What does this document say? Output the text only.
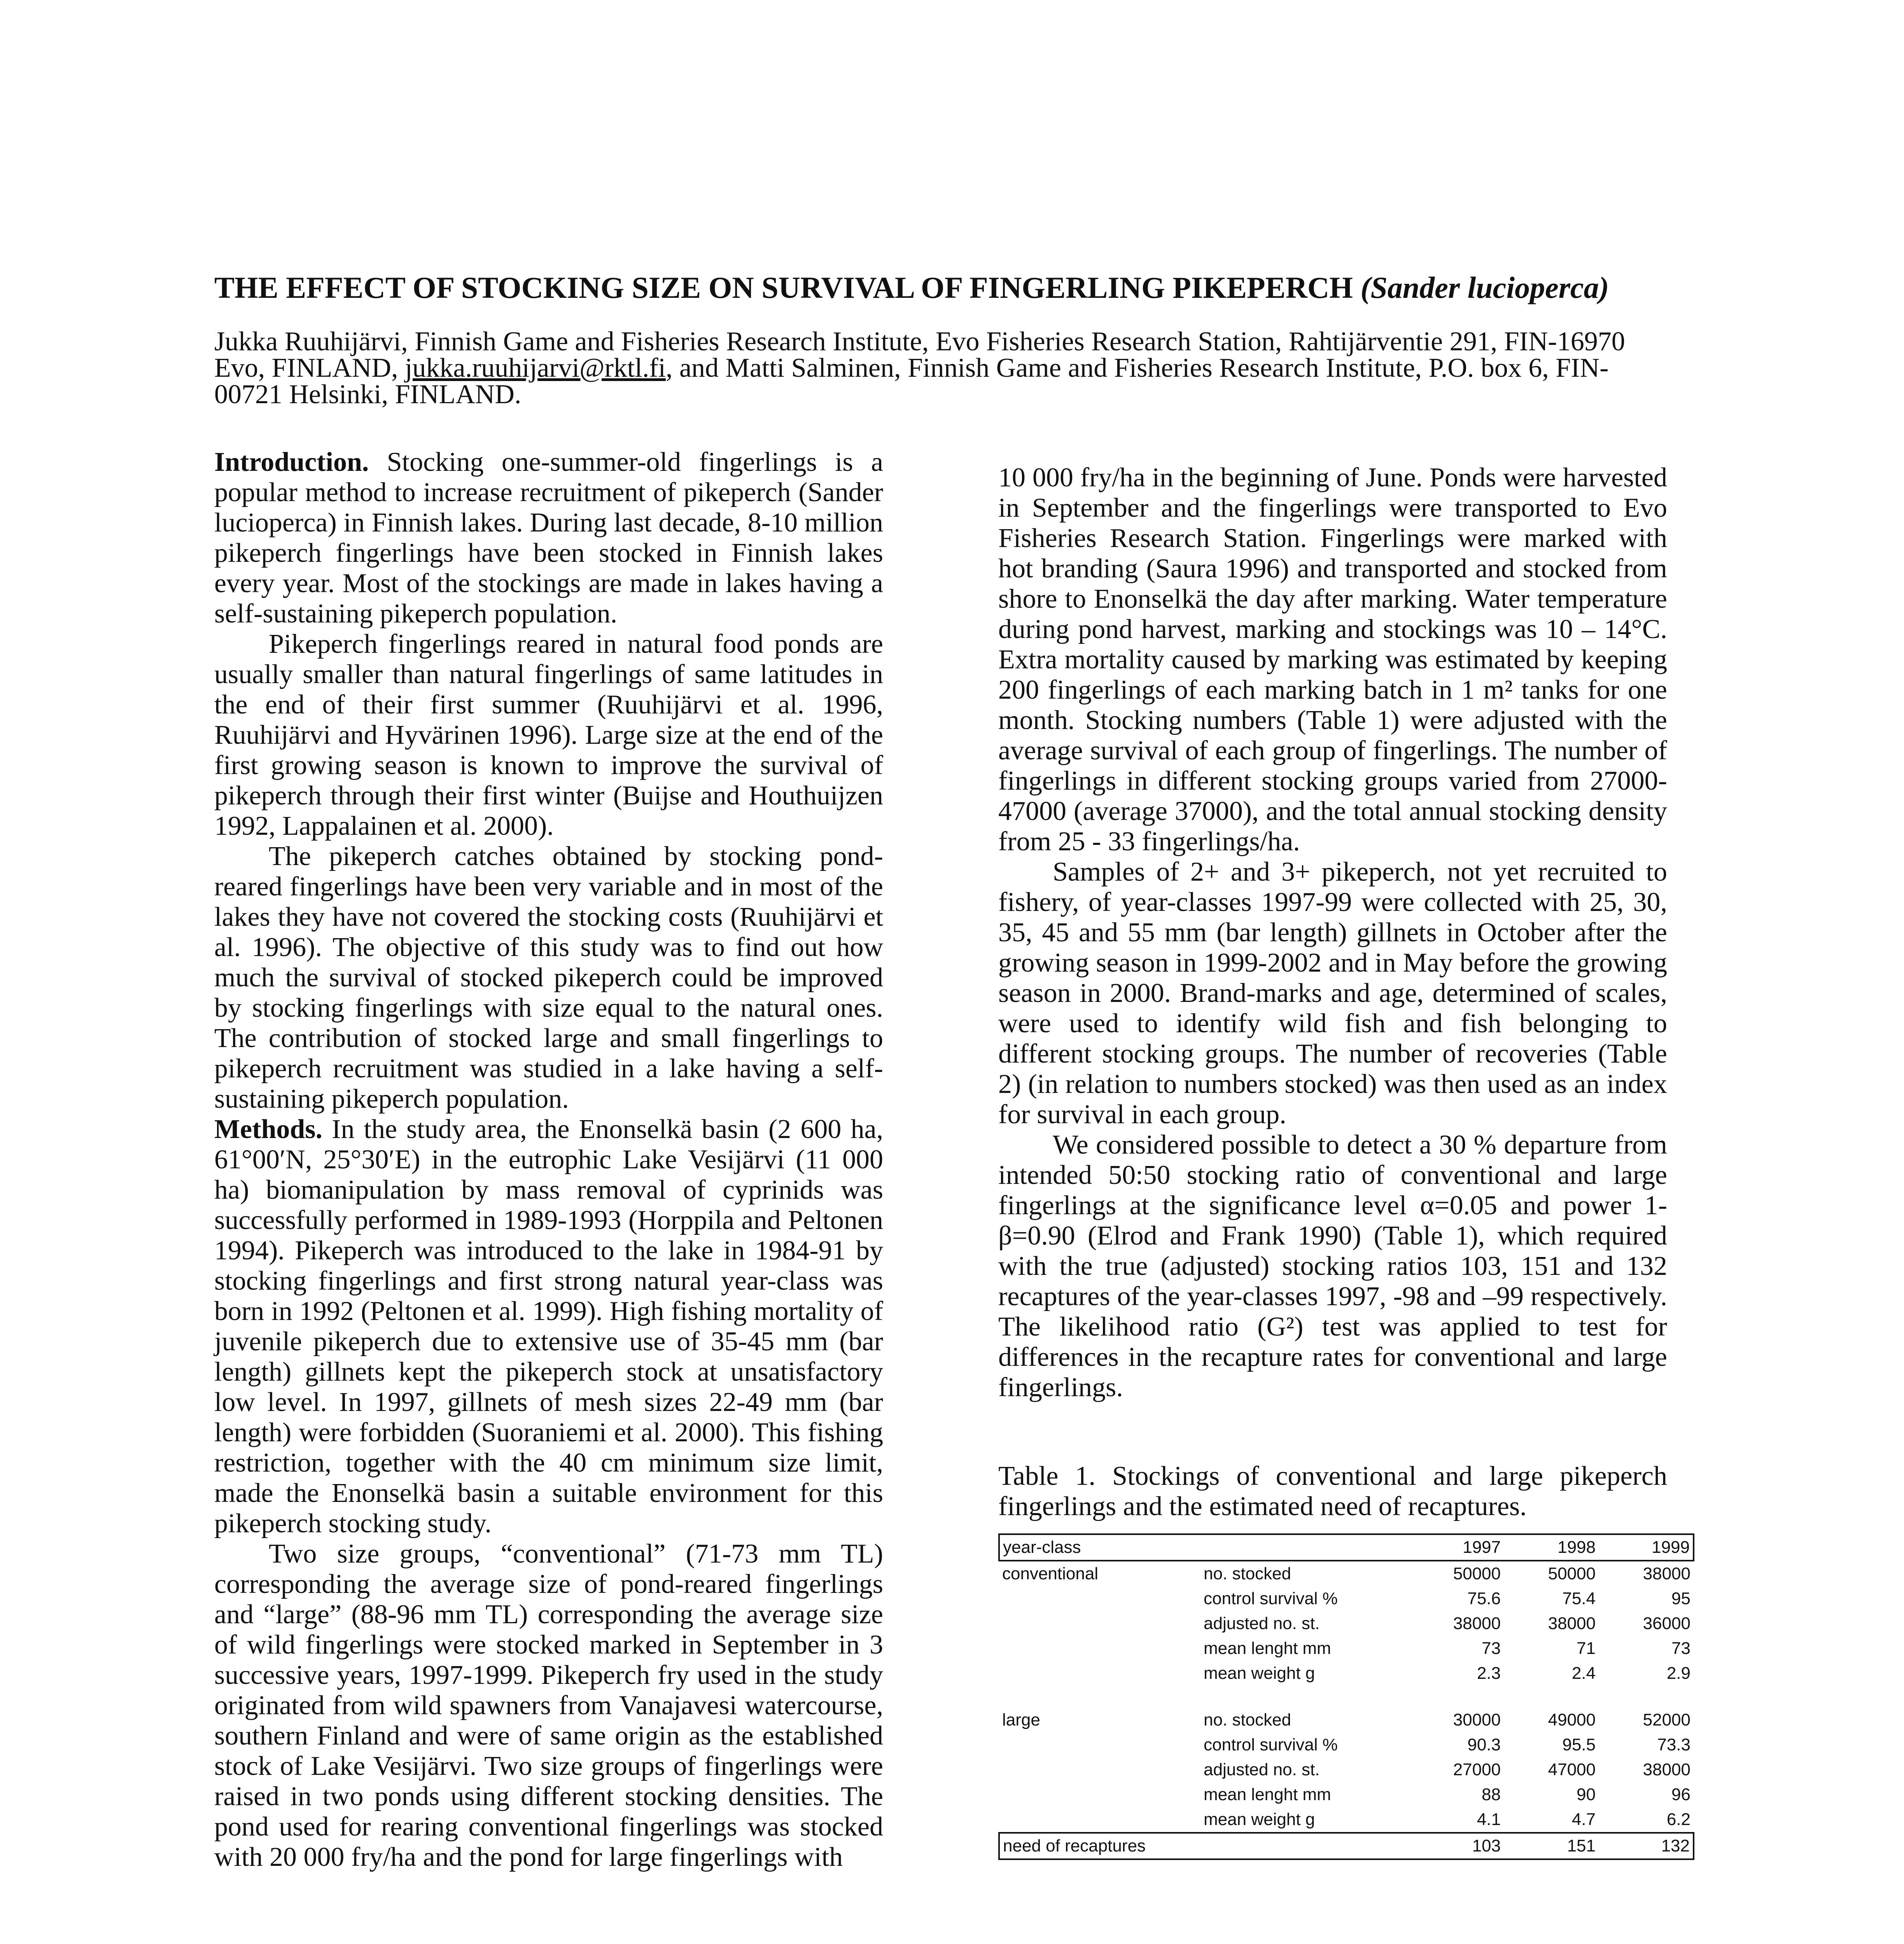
THE EFFECT OF STOCKING SIZE ON SURVIVAL OF FINGERLING PIKEPERCH (Sander lucioperca)
Jukka Ruuhijärvi, Finnish Game and Fisheries Research Institute, Evo Fisheries Research Station, Rahtijärventie 291, FIN-16970 Evo, FINLAND, jukka.ruuhijarvi@rktl.fi, and Matti Salminen, Finnish Game and Fisheries Research Institute, P.O. box 6, FIN-00721 Helsinki, FINLAND.

Introduction. Stocking one-summer-old fingerlings is a popular method to increase recruitment of pikeperch (Sander lucioperca) in Finnish lakes. During last decade, 8-10 million pikeperch fingerlings have been stocked in Finnish lakes every year. Most of the stockings are made in lakes having a self-sustaining pikeperch population.

Pikeperch fingerlings reared in natural food ponds are usually smaller than natural fingerlings of same latitudes in the end of their first summer (Ruuhijärvi et al. 1996, Ruuhijärvi and Hyvärinen 1996). Large size at the end of the first growing season is known to improve the survival of pikeperch through their first winter (Buijse and Houthuijzen 1992, Lappalainen et al. 2000).

The pikeperch catches obtained by stocking pond-reared fingerlings have been very variable and in most of the lakes they have not covered the stocking costs (Ruuhijärvi et al. 1996). The objective of this study was to find out how much the survival of stocked pikeperch could be improved by stocking fingerlings with size equal to the natural ones. The contribution of stocked large and small fingerlings to pikeperch recruitment was studied in a lake having a self-sustaining pikeperch population.

Methods. In the study area, the Enonselkä basin (2 600 ha, 61°00′N, 25°30′E) in the eutrophic Lake Vesijärvi (11 000 ha) biomanipulation by mass removal of cyprinids was successfully performed in 1989-1993 (Horppila and Peltonen 1994). Pikeperch was introduced to the lake in 1984-91 by stocking fingerlings and first strong natural year-class was born in 1992 (Peltonen et al. 1999). High fishing mortality of juvenile pikeperch due to extensive use of 35-45 mm (bar length) gillnets kept the pikeperch stock at unsatisfactory low level. In 1997, gillnets of mesh sizes 22-49 mm (bar length) were forbidden (Suoraniemi et al. 2000). This fishing restriction, together with the 40 cm minimum size limit, made the Enonselkä basin a suitable environment for this pikeperch stocking study.

Two size groups, “conventional” (71-73 mm TL) corresponding the average size of pond-reared fingerlings and “large” (88-96 mm TL) corresponding the average size of wild fingerlings were stocked marked in September in 3 successive years, 1997-1999. Pikeperch fry used in the study originated from wild spawners from Vanajavesi watercourse, southern Finland and were of same origin as the established stock of Lake Vesijärvi. Two size groups of fingerlings were raised in two ponds using different stocking densities. The pond used for rearing conventional fingerlings was stocked with 20 000 fry/ha and the pond for large fingerlings with

10 000 fry/ha in the beginning of June. Ponds were harvested in September and the fingerlings were transported to Evo Fisheries Research Station. Fingerlings were marked with hot branding (Saura 1996) and transported and stocked from shore to Enonselkä the day after marking. Water temperature during pond harvest, marking and stockings was 10 – 14°C. Extra mortality caused by marking was estimated by keeping 200 fingerlings of each marking batch in 1 m² tanks for one month. Stocking numbers (Table 1) were adjusted with the average survival of each group of fingerlings. The number of fingerlings in different stocking groups varied from 27000-47000 (average 37000), and the total annual stocking density from 25 - 33 fingerlings/ha.

Samples of 2+ and 3+ pikeperch, not yet recruited to fishery, of year-classes 1997-99 were collected with 25, 30, 35, 45 and 55 mm (bar length) gillnets in October after the growing season in 1999-2002 and in May before the growing season in 2000. Brand-marks and age, determined of scales, were used to identify wild fish and fish belonging to different stocking groups. The number of recoveries (Table 2) (in relation to numbers stocked) was then used as an index for survival in each group.

We considered possible to detect a 30 % departure from intended 50:50 stocking ratio of conventional and large fingerlings at the significance level α=0.05 and power 1-β=0.90 (Elrod and Frank 1990) (Table 1), which required with the true (adjusted) stocking ratios 103, 151 and 132 recaptures of the year-classes 1997, -98 and –99 respectively. The likelihood ratio (G²) test was applied to test for differences in the recapture rates for conventional and large fingerlings.

Table 1. Stockings of conventional and large pikeperch fingerlings and the estimated need of recaptures.

year-class		1997	1998	1999
conventional	no. stocked	50000	50000	38000
	control survival %	75.6	75.4	95
	adjusted no. st.	38000	38000	36000
	mean lenght mm	73	71	73
	mean weight g	2.3	2.4	2.9

large	no. stocked	30000	49000	52000
	control survival %	90.3	95.5	73.3
	adjusted no. st.	27000	47000	38000
	mean lenght mm	88	90	96
	mean weight g	4.1	4.7	6.2
need of recaptures		103	151	132
